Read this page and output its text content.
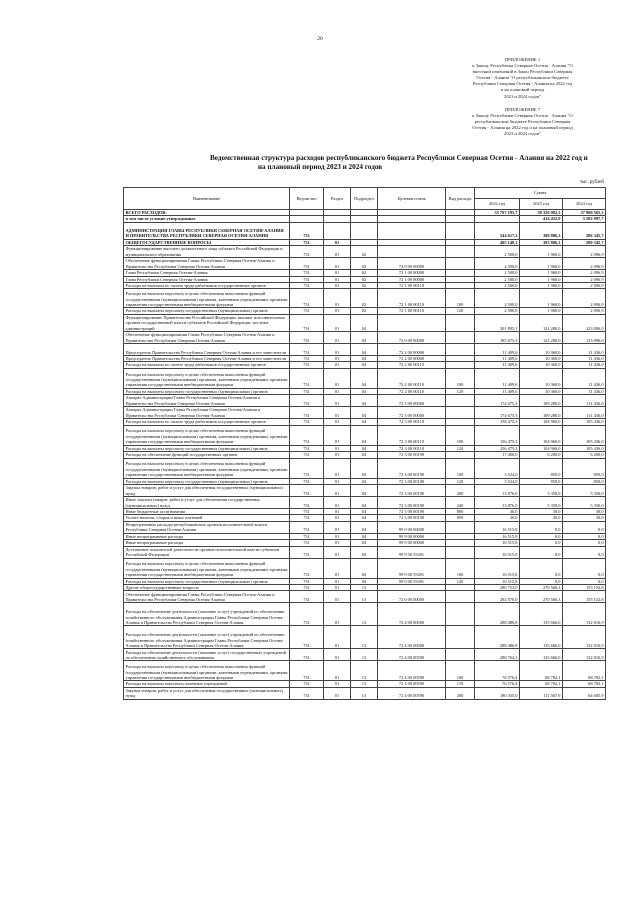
20

ПРИЛОЖЕНИЕ 1

к Закону Республики Северная Осетия - Алания "О

внесении изменений в Закон Республики Северная

Осетия - Алания "О республиканском бюджете

Республики Северная Осетия - Алания на 2022 год

и на плановый период

2023 и 2024 годов"

ПРИЛОЖЕНИЕ 7

к Закону Республики Северная Осетия - Алания "О

республиканском бюджете Республики Северная

Осетия - Алания на 2022 год и на плановый период

2023 и 2024 годов"

Ведомственная структура расходов республиканского бюджета Республики Северная Осетия - Алания на 2022 год и
на плановый период 2023 и 2024 годов
тыс. рублей
Наименование	Ведомство	Раздел	Подраздел	Целевая статья	Вид расхода	Сумма		
						2022 год	2023 год	2024 год
ВСЕГО РАСХОДОВ:						53 797 195,7	38 320 982,3	37 960 565,3
в том числе условно утвержденные							414 452,9	3 582 997,7
АДМИНИСТРАЦИЯ ГЛАВЫ РЕСПУБЛИКИ СЕВЕРНАЯ ОСЕТИЯ-АЛАНИЯ И ПРАВИТЕЛЬСТВА РЕСПУБЛИКИ СЕВЕРНАЯ ОСЕТИЯ-АЛАНИЯ	731					544 617,3	399 806,3	286 345,7
ОБЩЕГОСУДАРСТВЕННЫЕ ВОПРОСЫ	731	01				485 148,1	393 806,3	280 345,7
Функционирование высшего должностного лица субъекта Российской Федерации и муниципального образования	731	01	02			2 500,0	1 960,0	2 096,9
Обеспечение функционирования Главы Республики Северная Осетия-Алания и Правительства Республики Северная Осетия-Алания	731	01	02	72 0 00 00000		2 500,0	1 960,0	2 096,9
Глава Республики Северная Осетия-Алания	731	01	02	72 1 00 00000		2 500,0	1 960,0	2 096,9
Глава Республики Северная Осетия-Алания	731	01	02	72 1 00 00000		2 500,0	1 960,0	2 096,9
Расходы на выплаты по оплате труда работников государственных органов	731	01	02	72 1 00 00110		2 500,0	1 960,0	2 096,9
Расходы на выплаты персоналу в целях обеспечения выполнения функций государственными (муниципальными) органами, казенными учреждениями, органами управления государственными внебюджетными фондами	731	01	02	72 1 00 00110	100	2 500,0	1 960,0	2 096,9
Расходы на выплаты персоналу государственных (муниципальных) органов	731	01	02	72 1 00 00110	120	2 500,0	1 960,0	2 096,9
Функционирование Правительства Российской Федерации, высших исполнительных органов государственной власти субъектов Российской Федерации, местных администраций	731	01	04			201 895,1	121 280,0	123 096,0
Обеспечение функционирования Главы Республики Северная Осетия-Алания и Правительства Республики Северная Осетия-Алания	731	01	04	72 0 00 00000		185 675,3	121 280,0	123 096,0
Председатель Правительства Республики Северная Осетия-Алания и его заместители	731	01	04	72 2 00 00000		11 409,6	10 360,0	11 436,0
Председатель Правительства Республики Северная Осетия-Алания и его заместители	731	01	04	72 2 00 00000		11 409,6	10 360,0	11 436,0
Расходы на выплаты по оплате труда работников государственных органов	731	01	04	72 2 00 00110		11 409,6	10 360,0	11 436,0
Расходы на выплаты персоналу в целях обеспечения выполнения функций государственными (муниципальными) органами, казенными учреждениями, органами управления государственными внебюджетными фондами	731	01	04	72 2 00 00110	100	11 409,6	10 360,0	11 436,0
Расходы на выплаты персоналу государственных (муниципальных) органов	731	01	04	72 2 00 00110	120	11 409,6	10 360,0	11 436,0
Аппарат Администрации Главы Республики Северная Осетия-Алания и Правительства Республики Северная Осетия-Алания	731	01	04	72 3 00 00000		174 675,3	109 280,0	111 436,0
Аппарат Администрации Главы Республики Северная Осетия-Алания и Правительства Республики Северная Осетия-Алания	731	01	04	72 3 00 00000		174 675,3	109 280,0	111 436,0
Расходы на выплаты по оплате труда работников государственных органов	731	01	04	72 3 00 00110		156 475,3	104 960,0	105 436,0
Расходы на выплаты персоналу в целях обеспечения выполнения функций государственными (муниципальными) органами, казенными учреждениями, органами управления государственными внебюджетными фондами	731	01	04	72 3 00 00110	100	156 475,3	104 960,0	105 436,0
Расходы на выплаты персоналу государственных (муниципальных) органов	731	01	04	72 3 00 00110	120	156 475,3	104 960,0	105 436,0
Расходы на обеспечение функций государственных органов	731	01	04	72 3 00 00190		17 400,0	6 200,0	6 200,0
Расходы на выплаты персоналу в целях обеспечения выполнения функций государственными (муниципальными) органами, казенными учреждениями, органами управления государственными внебюджетными фондами	731	01	04	72 3 00 00190	100	3 524,0	850,0	850,0
Расходы на выплаты персоналу государственных (муниципальных) органов	731	01	04	72 3 00 00190	120	3 524,0	850,0	850,0
Закупка товаров, работ и услуг для обеспечения государственных (муниципальных) нужд	731	01	04	72 3 00 00190	200	13 876,0	5 350,0	5 350,0
Иные закупки товаров, работ и услуг для обеспечения государственных (муниципальных) нужд	731	01	04	72 3 00 00190	240	13 876,0	5 350,0	5 350,0
Иные бюджетные ассигнования	731	01	04	72 3 00 00190	800	30,0	30,0	30,0
Уплата налогов, сборов и иных платежей	731	01	04	72 3 00 00190	850	30,0	30,0	30,0
Непрограммные расходы республиканских органов исполнительной власти Республики Северная Осетия-Алания	731	01	04	99 0 00 00000		16 515,8	0,0	0,0
Иные непрограммные расходы	731	01	04	99 9 00 00000		16 515,8	0,0	0,0
Иные непрограммные расходы	731	01	04	99 9 00 00000		16 515,8	0,0	0,0
Достижение показателей деятельности органов исполнительной власти субъектов Российской Федерации	731	01	04	99 9 00 55491		16 515,8	0,0	0,0
Расходы на выплаты персоналу в целях обеспечения выполнения функций государственными (муниципальными) органами, казенными учреждениями, органами управления государственными внебюджетными фондами	731	01	04	99 9 00 55491	100	16 515,8	0,0	0,0
Расходы на выплаты персоналу государственных (муниципальных) органов	731	01	04	99 9 00 55491	120	16 515,8	0,0	0,0
Другие общегосударственные вопросы	731	01	13			280 753,0	270 566,3	155 152,8
Обеспечение функционирования Главы Республики Северная Осетия-Алания и Правительства Республики Северная Осетия-Алания	731	01	13	72 0 00 00000		292 070,0	270 566,3	155 152,8
Расходы на обеспечение деятельности (оказание услуг) учреждений по обеспечению хозяйственного обслуживания Администрации Главы Республики Северная Осетия-Алания и Правительства Республики Северная Осетия-Алания	731	01	13	72 4 00 00000		288 486,8	135 666,0	132 016,9
Расходы на обеспечение деятельности (оказание услуг) учреждений по обеспечению хозяйственного обслуживания Администрации Главы Республики Северная Осетия-Алания и Правительства Республики Северная Осетия-Алания	731	01	13	72 4 00 00000		288 486,8	135 666,0	132 016,9
Расходы на обеспечение деятельности (оказание услуг) государственных учреждений по обеспечению хозяйственного обслуживания	731	01	13	72 4 00 00590		288 764,3	135 666,0	132 016,9
Расходы на выплаты персоналу в целях обеспечения выполнения функций государственными (муниципальными) органами, казенными учреждениями, органами управления государственными внебюджетными фондами	731	01	13	72 4 00 00590	100	76 576,4	68 782,1	68 782,1
Расходы на выплаты персоналу казенных учреждений	731	01	13	72 4 00 00590	110	76 576,4	68 782,1	68 782,1
Закупка товаров, работ и услуг для обеспечения государственных (муниципальных) нужд	731	01	13	72 4 00 00590	200	180 355,0	111 567,9	64 685,9
